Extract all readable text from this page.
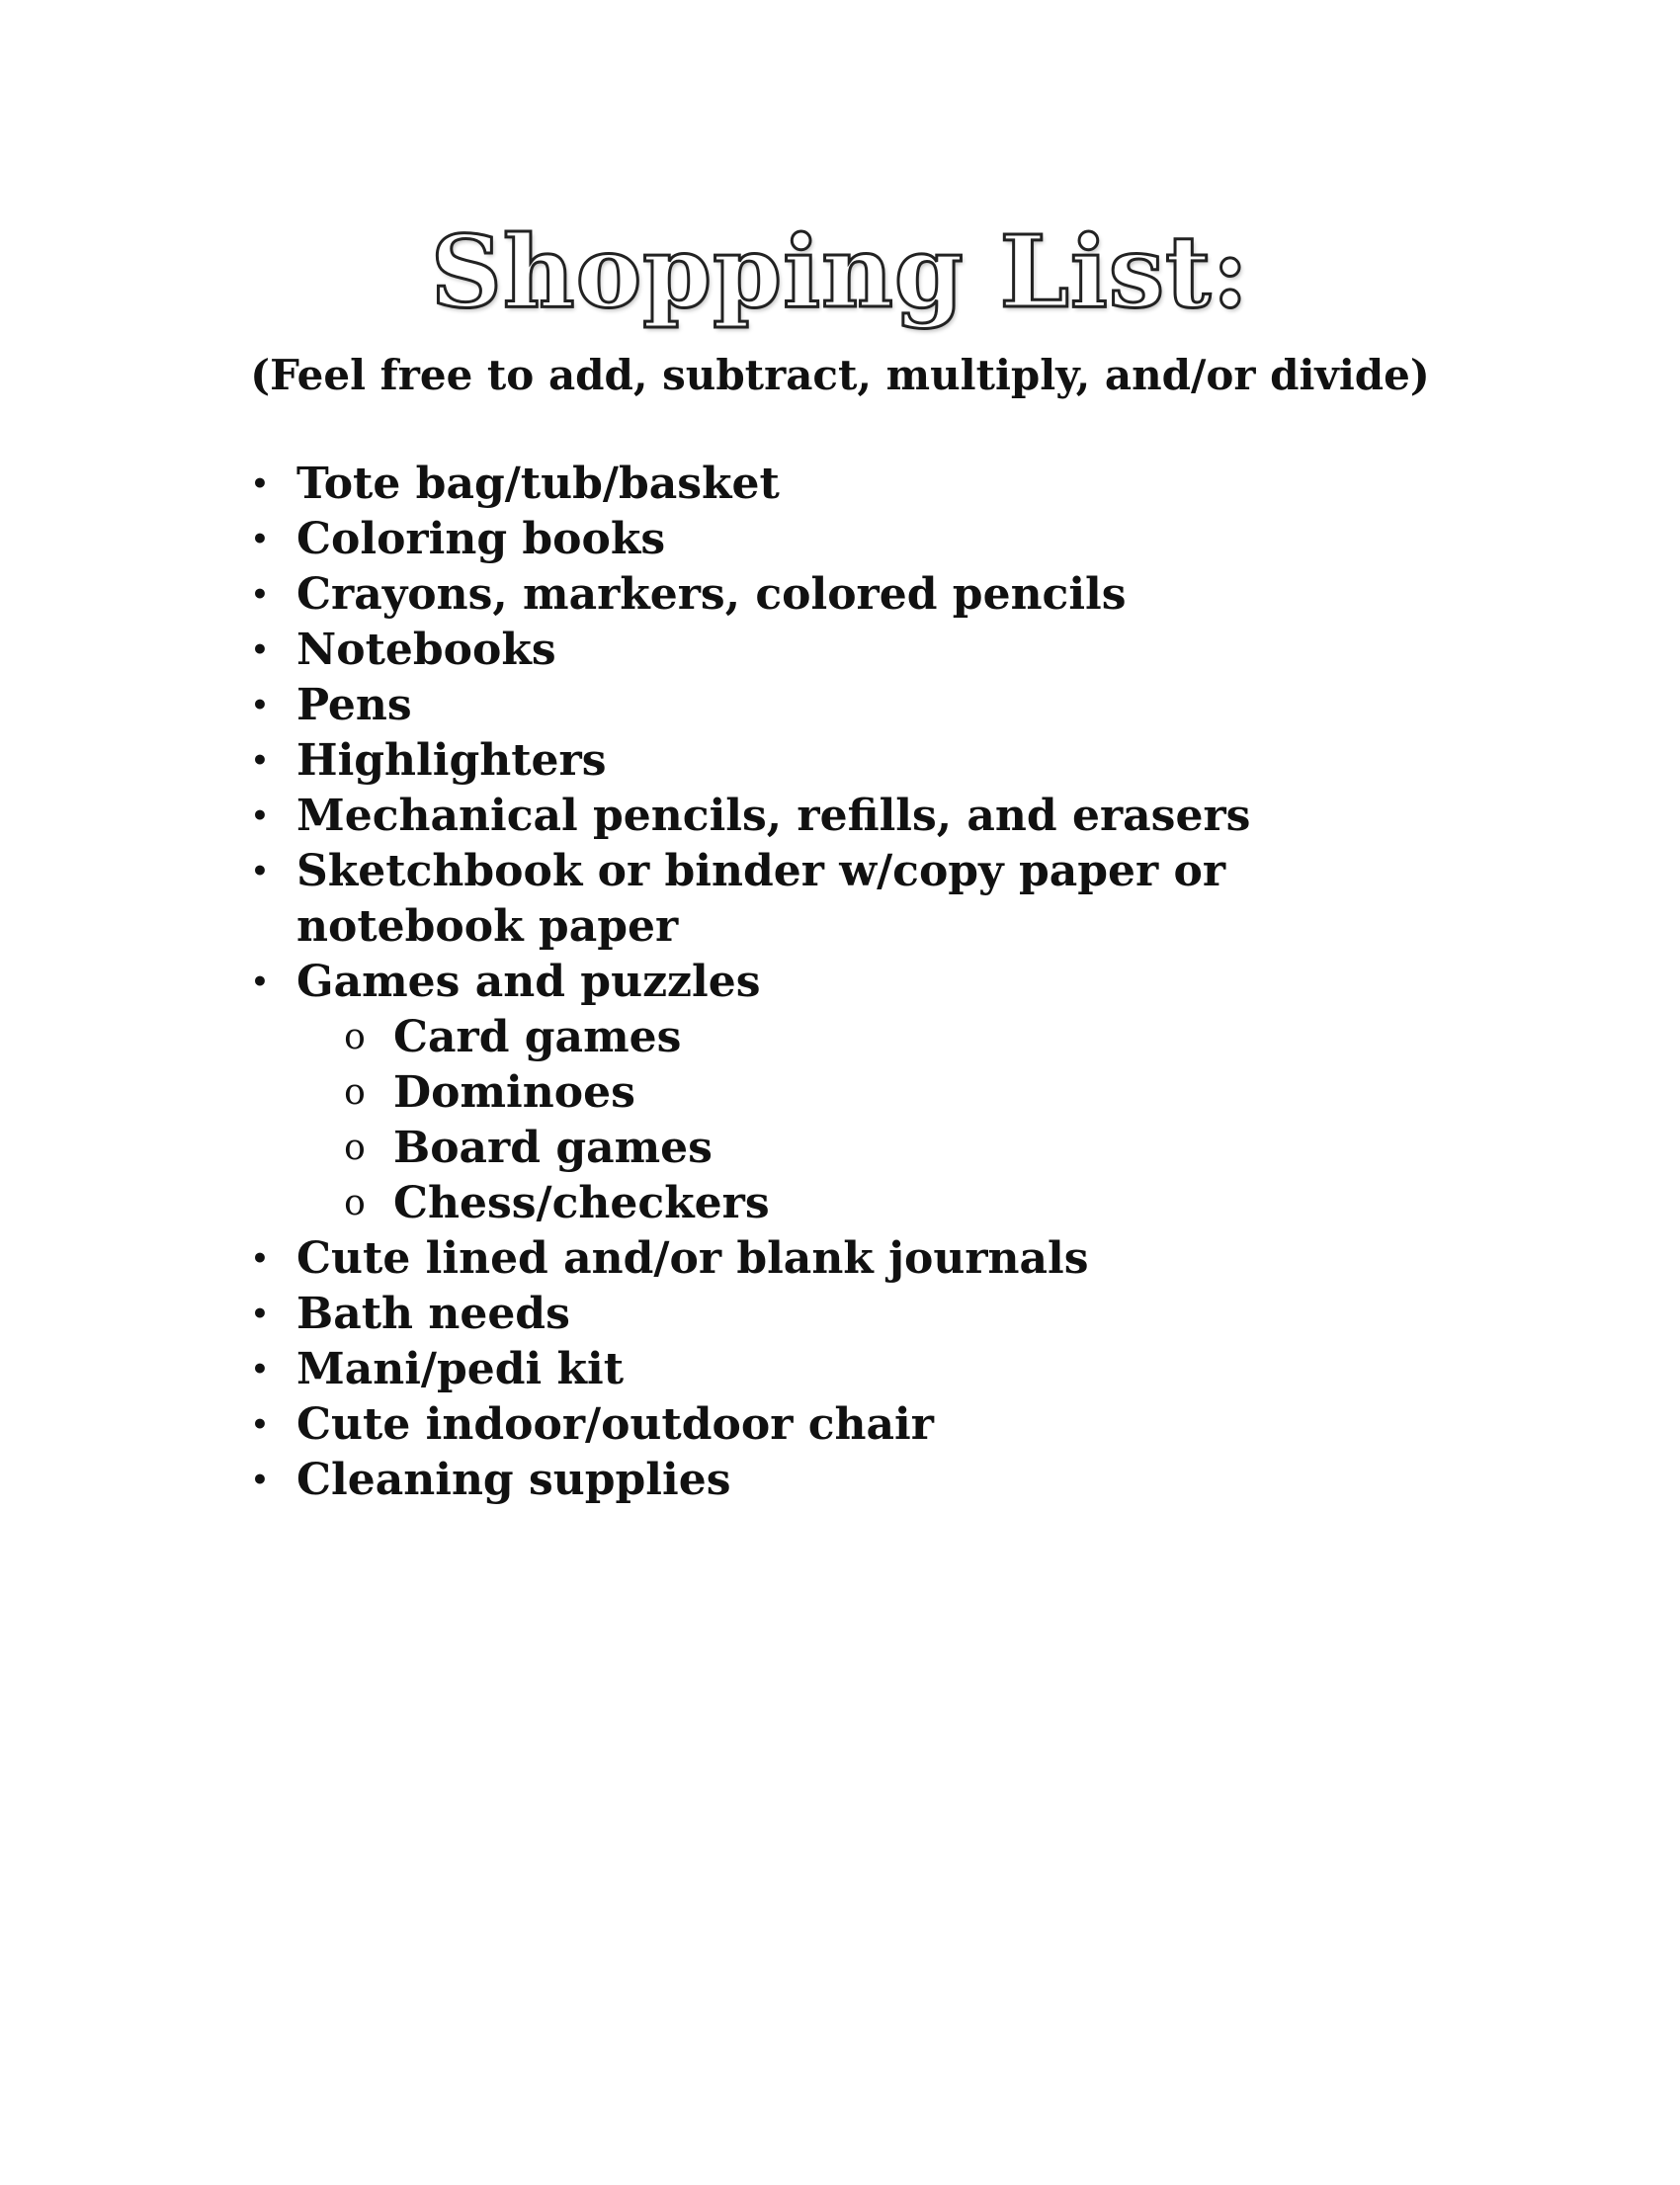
Shopping List:

(Feel free to add, subtract, multiply, and/or divide)

• Tote bag/tub/basket
• Coloring books
• Crayons, markers, colored pencils
• Notebooks
• Pens
• Highlighters
• Mechanical pencils, refills, and erasers
• Sketchbook or binder w/copy paper or notebook paper
• Games and puzzles
o Card games
o Dominoes
o Board games
o Chess/checkers
• Cute lined and/or blank journals
• Bath needs
• Mani/pedi kit
• Cute indoor/outdoor chair
• Cleaning supplies
